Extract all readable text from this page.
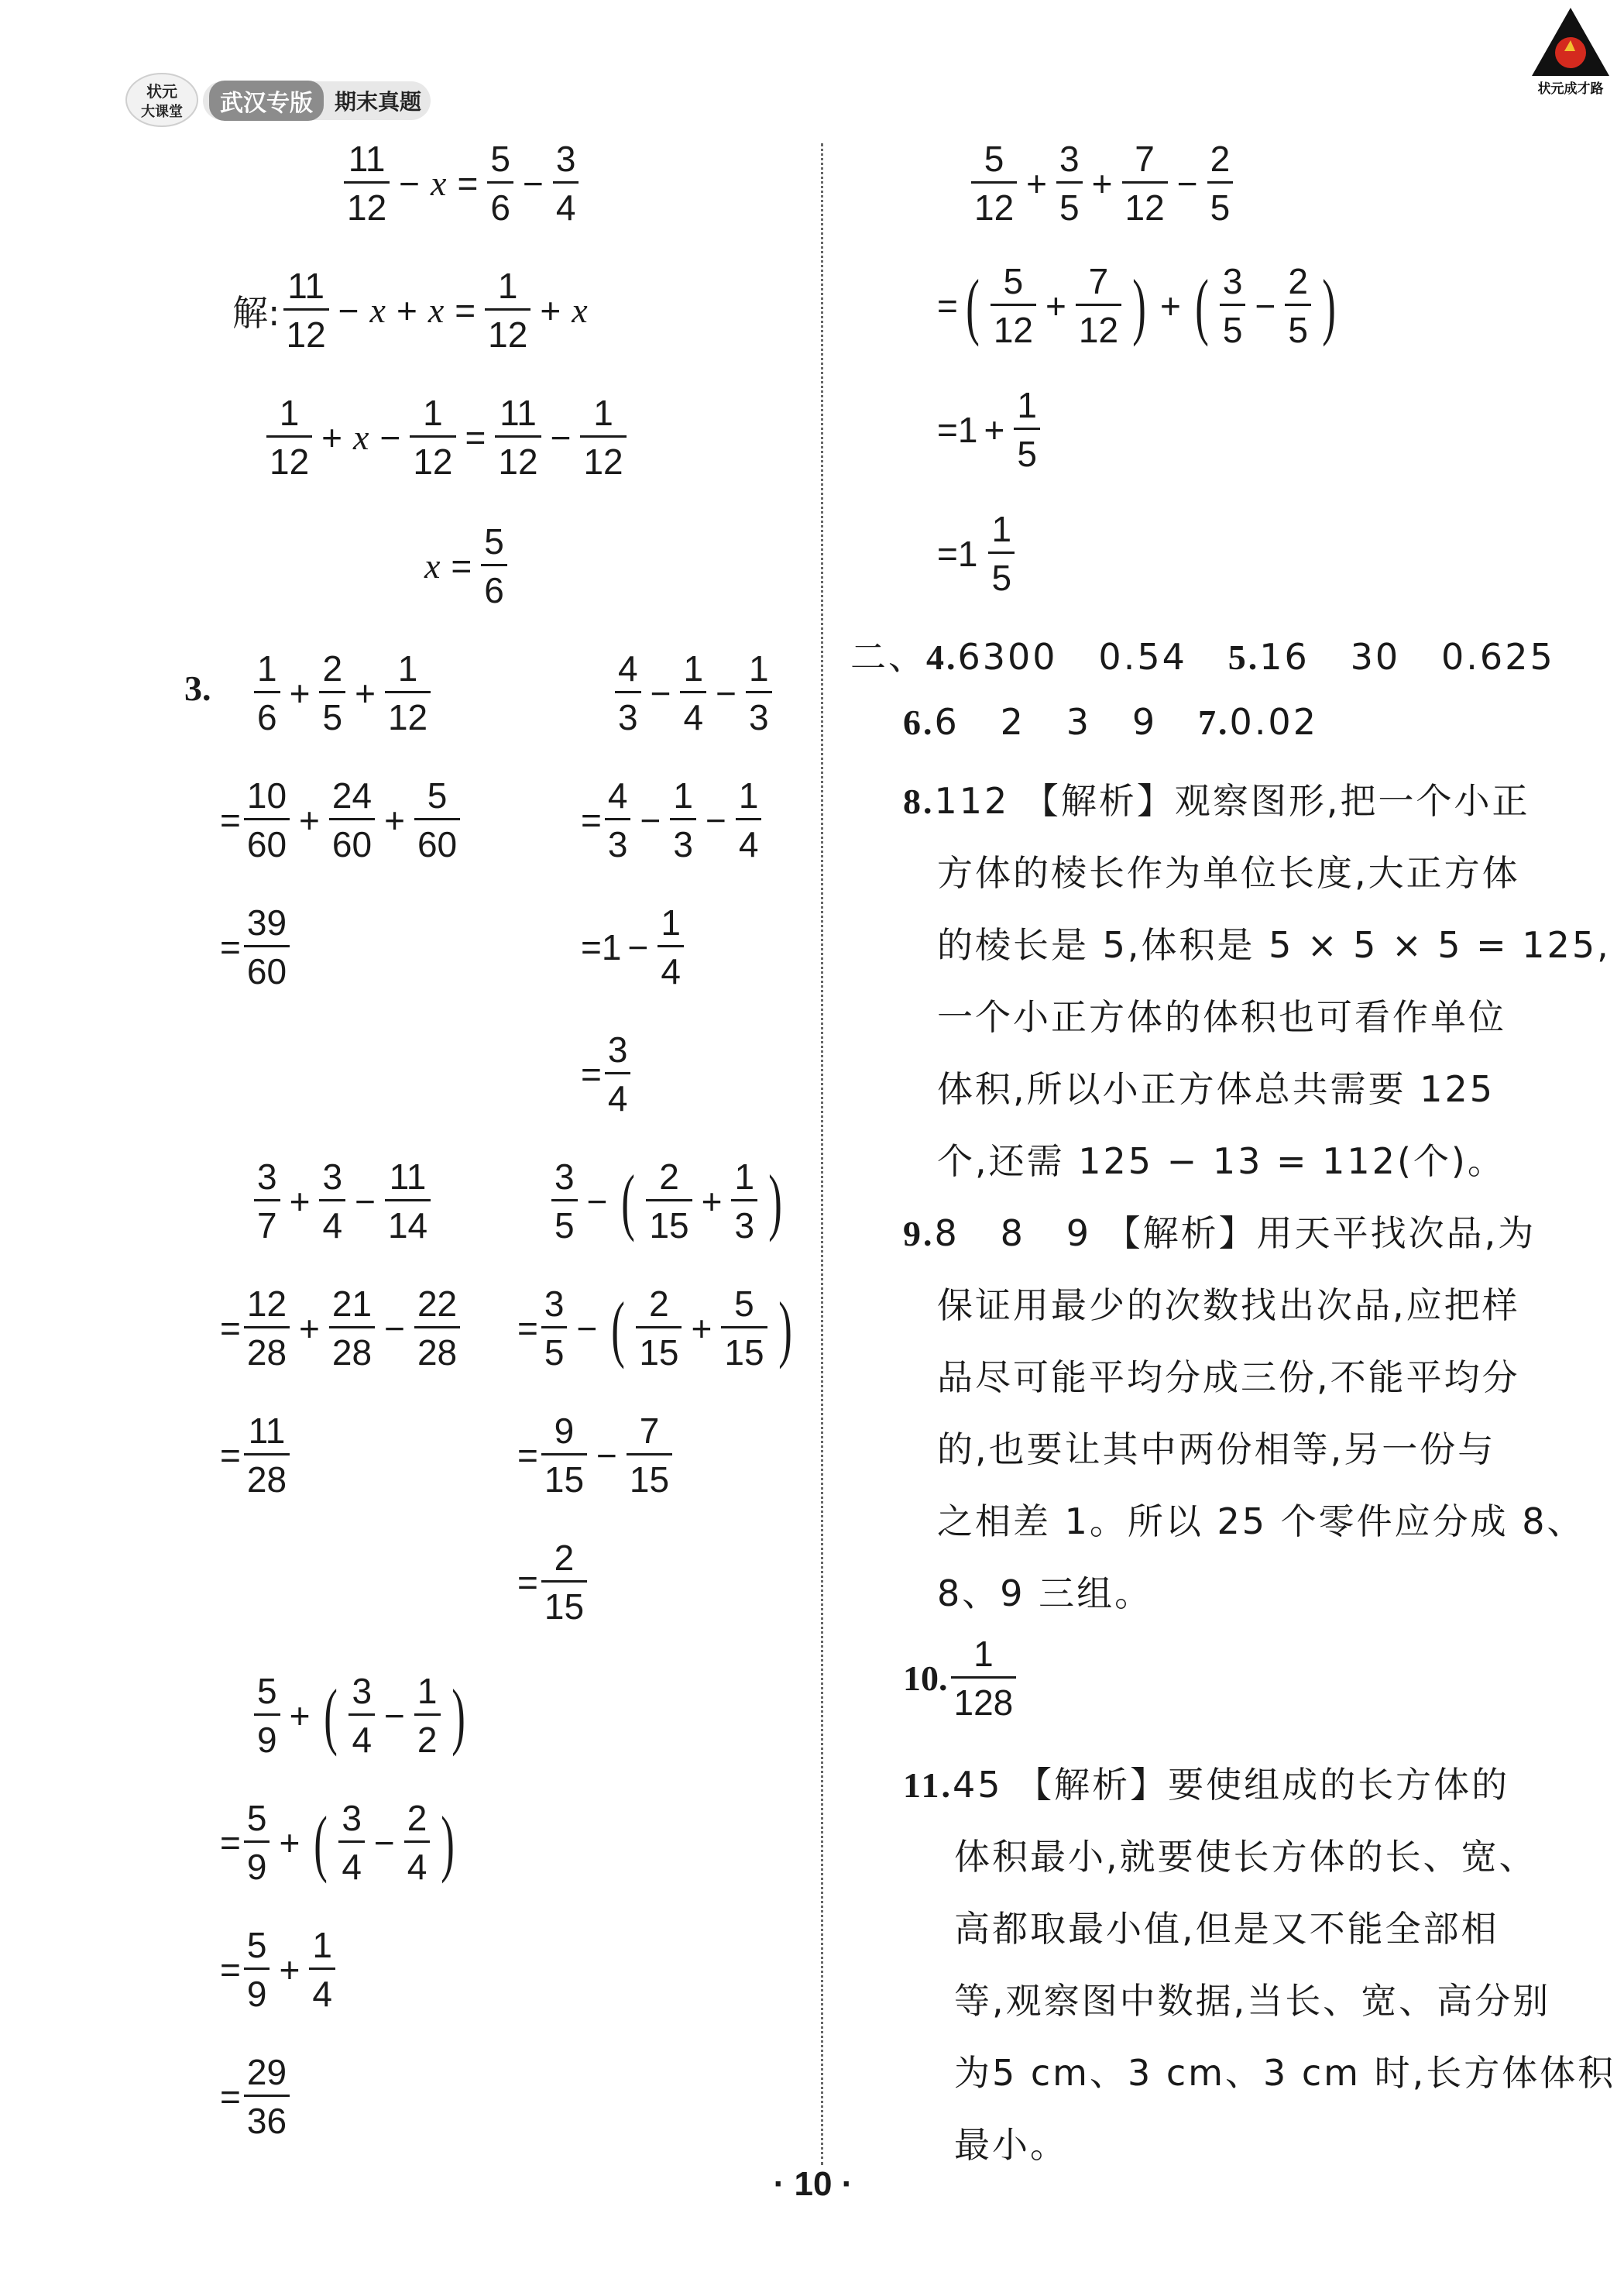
状元
大课堂	武汉专版	期末真题	状元成才路
11
12
− $x = \frac{5}{6} - \frac{3}{4}$
解:
11
12
− $x + x = \frac{1}{12} + x$
1
12
+ $x - \frac{1}{12} = \frac{11}{12} - \frac{1}{12}$
$x = \frac{5}{6}$
3. 1
6
+ $\frac{2}{5} + \frac{1}{12}$
= $\frac{10}{60} + \frac{24}{60} + \frac{5}{60}$
= $\frac{39}{60}$
4
3
− $\frac{1}{4} - \frac{1}{3}$
= $\frac{4}{3} - \frac{1}{3} - \frac{1}{4}$
= $1 - \frac{1}{4}$
= $\frac{3}{4}$
3
7
+ $\frac{3}{4} - \frac{11}{14}$
= $\frac{12}{28} + \frac{21}{28} - \frac{22}{28}$
= $\frac{11}{28}$
3
5
− ( 2
15
+ $\frac{1}{3}$ )
= $\frac{3}{5}$ − ( 2
15
+ $\frac{5}{15}$ )
= $\frac{9}{15} - \frac{7}{15}$
= $\frac{2}{15}$
5
9
+ ( 3
4
− $\frac{1}{2}$ )
= $\frac{5}{9}$ + ( 3
4
− $\frac{2}{4}$ )
= $\frac{5}{9} + \frac{1}{4}$
= $\frac{29}{36}$
5
12
+ $\frac{3}{5} + \frac{7}{12} - \frac{2}{5}$
= ( 5
12
+ $\frac{7}{12}$ ) + ( 3
5
− $\frac{2}{5}$ )
= $1 + \frac{1}{5}$
= 1
1
5
二、4.6300   0.54 5.16   30   0.625
6.6   2   3   9 7.0.02
8.112 【解析】观察图形,把一个小正
方体的棱长作为单位长度,大正方体
的棱长是 5,体积是 5 × 5 × 5 = 125,
一个小正方体的体积也可看作单位
体积,所以小正方体总共需要 125
个,还需 125 − 13 = 112(个)。
9.8   8   9 【解析】用天平找次品,为
保证用最少的次数找出次品,应把样
品尽可能平均分成三份,不能平均分
的,也要让其中两份相等,另一份与
之相差 1。所以 25 个零件应分成 8、
8、9 三组。
10.
1
128
11.45 【解析】要使组成的长方体的
体积最小,就要使长方体的长、宽、
高都取最小值,但是又不能全部相
等,观察图中数据,当长、宽、高分别
为5 cm、3 cm、3 cm 时,长方体体积
最小。
· 10 ·
